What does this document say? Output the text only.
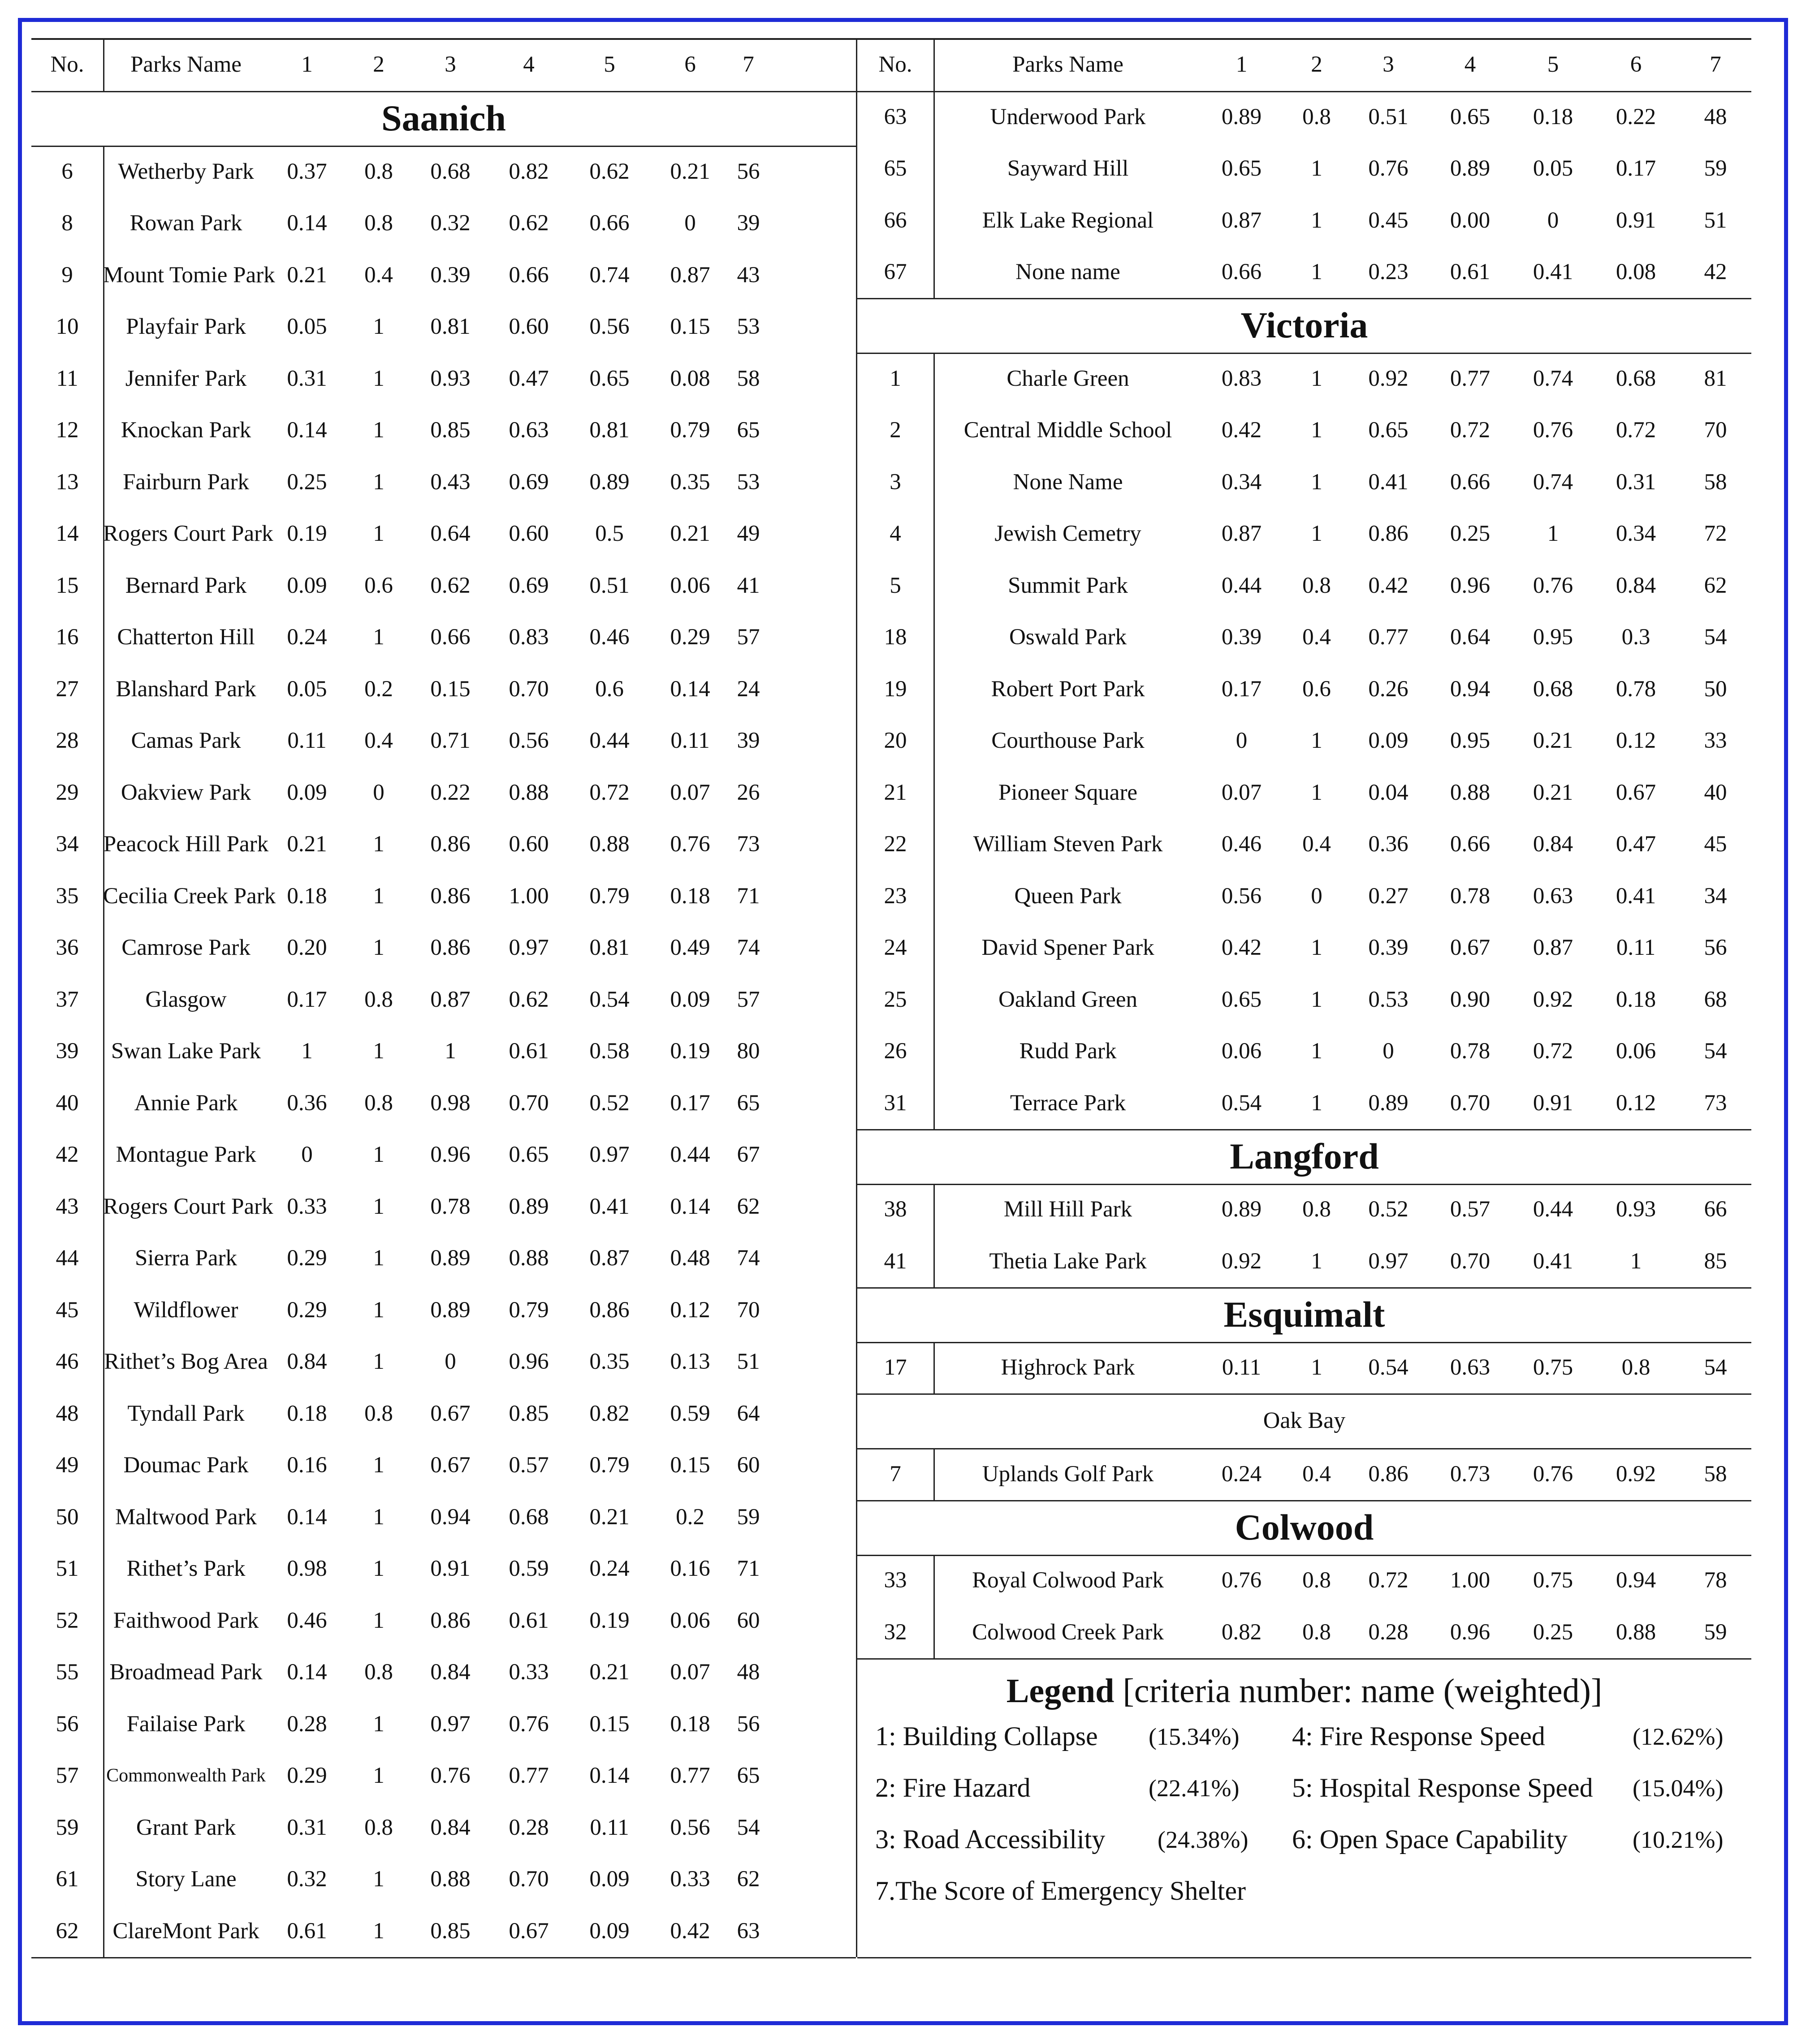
No.	Parks Name	1	2	3	4	5	6	7
Saanich
6	Wetherby Park	0.37	0.8	0.68	0.82	0.62	0.21	56
8	Rowan Park	0.14	0.8	0.32	0.62	0.66	0	39
9	Mount Tomie Park 0.21	0.4	0.39	0.66	0.74	0.87	43
10	Playfair Park	0.05	1	0.81	0.60	0.56	0.15	53
11	Jennifer Park	0.31	1	0.93	0.47	0.65	0.08	58
12	Knockan Park	0.14	1	0.85	0.63	0.81	0.79	65
13	Fairburn Park	0.25	1	0.43	0.69	0.89	0.35	53
14	Rogers Court Park 0.19	1	0.64	0.60	0.5	0.21	49
15	Bernard Park	0.09	0.6	0.62	0.69	0.51	0.06	41
16	Chatterton Hill	0.24	1	0.66	0.83	0.46	0.29	57
27	Blanshard Park	0.05	0.2	0.15	0.70	0.6	0.14	24
28	Camas Park	0.11	0.4	0.71	0.56	0.44	0.11	39
29	Oakview Park	0.09	0	0.22	0.88	0.72	0.07	26
34	Peacock Hill Park 0.21	1	0.86	0.60	0.88	0.76	73
35	Cecilia Creek Park 0.18	1	0.86	1.00	0.79	0.18	71
36	Camrose Park	0.20	1	0.86	0.97	0.81	0.49	74
37	Glasgow	0.17	0.8	0.87	0.62	0.54	0.09	57
39	Swan Lake Park	1	1	1	0.61	0.58	0.19	80
40	Annie Park	0.36	0.8	0.98	0.70	0.52	0.17	65
42	Montague Park	0	1	0.96	0.65	0.97	0.44	67
43	Rogers Court Park 0.33	1	0.78	0.89	0.41	0.14	62
44	Sierra Park	0.29	1	0.89	0.88	0.87	0.48	74
45	Wildflower	0.29	1	0.89	0.79	0.86	0.12	70
46	Rithet’s Bog Area 0.84	1	0	0.96	0.35	0.13	51
48	Tyndall Park	0.18	0.8	0.67	0.85	0.82	0.59	64
49	Doumac Park	0.16	1	0.67	0.57	0.79	0.15	60
50	Maltwood Park	0.14	1	0.94	0.68	0.21	0.2	59
51	Rithet’s Park	0.98	1	0.91	0.59	0.24	0.16	71
52	Faithwood Park	0.46	1	0.86	0.61	0.19	0.06	60
55	Broadmead Park	0.14	0.8	0.84	0.33	0.21	0.07	48
56	Failaise Park	0.28	1	0.97	0.76	0.15	0.18	56
57	Commonwealth Park 0.29	1	0.76	0.77	0.14	0.77	65
59	Grant Park	0.31	0.8	0.84	0.28	0.11	0.56	54
61	Story Lane	0.32	1	0.88	0.70	0.09	0.33	62
62	ClareMont Park	0.61	1	0.85	0.67	0.09	0.42	63
No.	Parks Name	1	2	3	4	5	6	7
63	Underwood Park	0.89	0.8	0.51	0.65	0.18	0.22	48
65	Sayward Hill	0.65	1	0.76	0.89	0.05	0.17	59
66	Elk Lake Regional	0.87	1	0.45	0.00	0	0.91	51
67	None name	0.66	1	0.23	0.61	0.41	0.08	42
Victoria
1	Charle Green	0.83	1	0.92	0.77	0.74	0.68	81
2	Central Middle School	0.42	1	0.65	0.72	0.76	0.72	70
3	None Name	0.34	1	0.41	0.66	0.74	0.31	58
4	Jewish Cemetry	0.87	1	0.86	0.25	1	0.34	72
5	Summit Park	0.44	0.8	0.42	0.96	0.76	0.84	62
18	Oswald Park	0.39	0.4	0.77	0.64	0.95	0.3	54
19	Robert Port Park	0.17	0.6	0.26	0.94	0.68	0.78	50
20	Courthouse Park	0	1	0.09	0.95	0.21	0.12	33
21	Pioneer Square	0.07	1	0.04	0.88	0.21	0.67	40
22	William Steven Park	0.46	0.4	0.36	0.66	0.84	0.47	45
23	Queen Park	0.56	0	0.27	0.78	0.63	0.41	34
24	David Spener Park	0.42	1	0.39	0.67	0.87	0.11	56
25	Oakland Green	0.65	1	0.53	0.90	0.92	0.18	68
26	Rudd Park	0.06	1	0	0.78	0.72	0.06	54
31	Terrace Park	0.54	1	0.89	0.70	0.91	0.12	73
Langford
38	Mill Hill Park	0.89	0.8	0.52	0.57	0.44	0.93	66
41	Thetia Lake Park	0.92	1	0.97	0.70	0.41	1	85
Esquimalt
17	Highrock Park	0.11	1	0.54	0.63	0.75	0.8	54
Oak Bay
7	Uplands Golf Park	0.24	0.4	0.86	0.73	0.76	0.92	58
Colwood
33	Royal Colwood Park	0.76	0.8	0.72	1.00	0.75	0.94	78
32	Colwood Creek Park	0.82	0.8	0.28	0.96	0.25	0.88	59
Legend [criteria number: name (weighted)]
1: Building Collapse (15.34%) 4: Fire Response Speed	(12.62%)
2: Fire Hazard	(22.41%) 5: Hospital Response Speed (15.04%)
3: Road Accessibility (24.38%) 6: Open Space Capability	(10.21%)
7.The Score of Emergency Shelter
